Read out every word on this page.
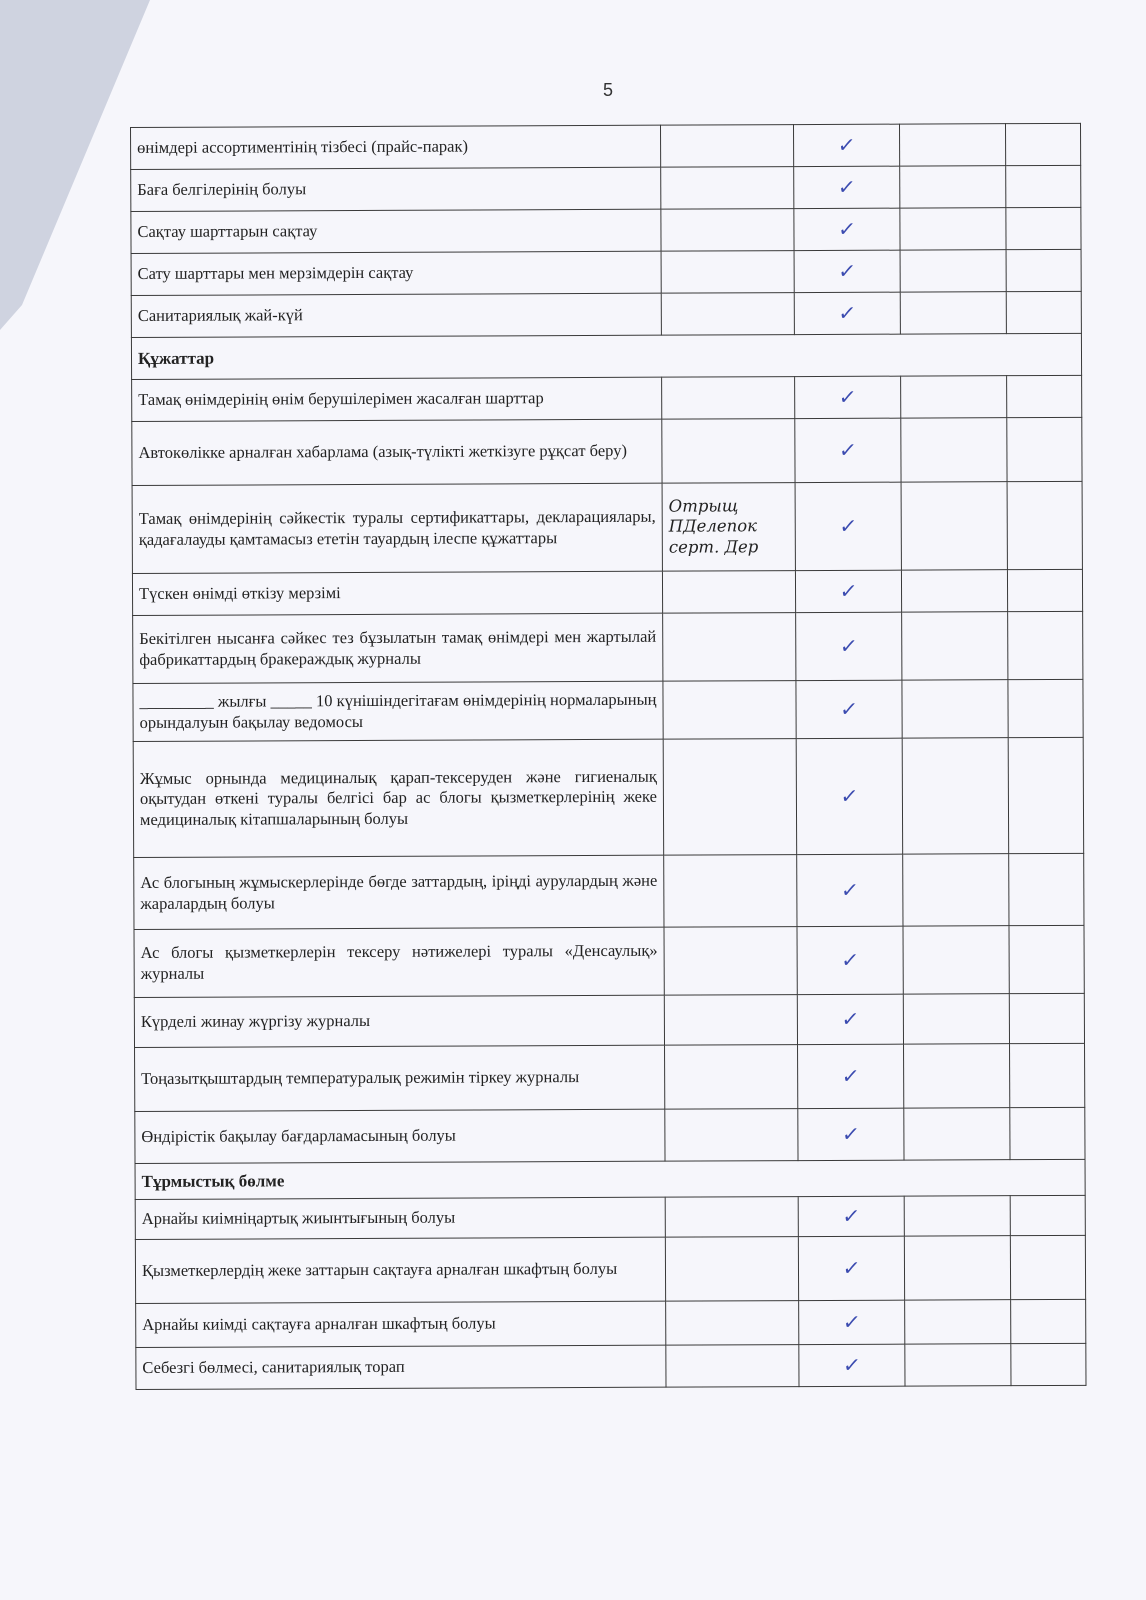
5
өнімдері ассортиментінің тізбесі (прайс-парак)		✓		

Баға белгілерінің болуы		✓		

Сақтау шарттарын сақтау		✓		

Сату шарттары мен мерзімдерін сақтау		✓		

Санитариялық жай-күй		✓		
Құжаттар				

Тамақ өнімдерінің өнім берушілерімен жасалған шарттар		✓		

Автокөлікке арналған хабарлама (азық-түлікті жеткізуге рұқсат беру)		✓		

Тамақ өнімдерінің сәйкестік туралы сертификаттары, декларациялары, қадағалауды қамтамасыз ететін тауардың ілеспе құжаттары	Отрыщ
ПДелепок
серт. Дер	✓		

Түскен өнімді өткізу мерзімі		✓		

Бекітілген нысанға сәйкес тез бұзылатын тамақ өнімдері мен жартылай фабрикаттардың бракераждық журналы		✓		

_________ жылғы _____ 10 күнішіндегітағам өнімдерінің нормаларының орындалуын бақылау ведомосы		✓		

Жұмыс орнында медициналық қарап-тексеруден және гигиеналық оқытудан өткені туралы белгісі бар ас блогы қызметкерлерінің жеке медициналық кітапшаларының болуы		✓		

Ас блогының жұмыскерлерінде бөгде заттардың, іріңді аурулардың және жаралардың болуы		✓		

Ас блогы қызметкерлерін тексеру нәтижелері туралы «Денсаулық» журналы		✓		

Күрделі жинау жүргізу журналы		✓		

Тоңазытқыштардың температуралық режимін тіркеу журналы		✓		

Өндірістік бақылау бағдарламасының болуы		✓		
Тұрмыстық бөлме				

Арнайы киімніңартық жиынтығының болуы		✓		

Қызметкерлердің жеке заттарын сақтауға арналған шкафтың болуы		✓		

Арнайы киімді сақтауға арналған шкафтың болуы		✓		

Себезгі бөлмесі, санитариялық торап		✓		
